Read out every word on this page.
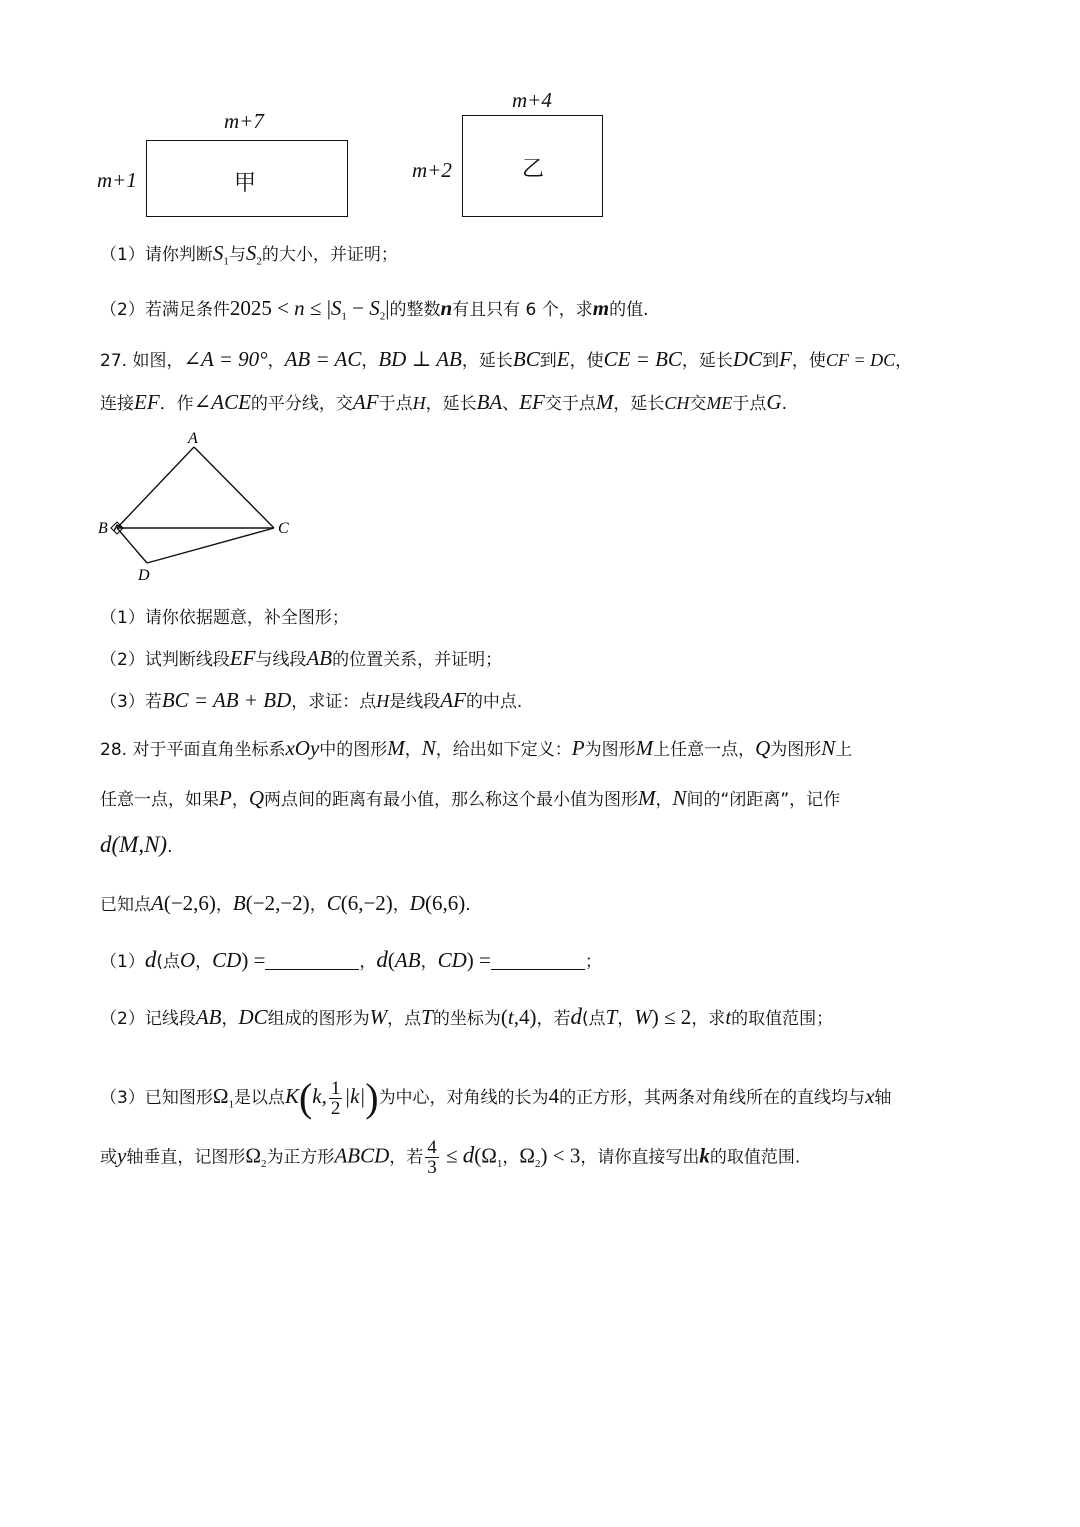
m+7
m+1	甲
m+4
m+2	乙
（1）请你判断$S_1$与$S_2$的大小，并证明；
（2）若满足条件$2025 < n \le |S_1 - S_2|$的整数n有且只有 6 个，求m的值.
27. 如图，∠A = 90°，AB = AC，BD ⊥ AB，延长BC到E，使CE = BC，延长DC到F，使CF = DC，
连接EF．作∠ACE的平分线，交AF于点H，延长BA、EF交于点M，延长CH交ME于点G.
A
B	C
D
（1）请你依据题意，补全图形；
（2）试判断线段EF与线段AB的位置关系，并证明；
（3）若BC = AB + BD，求证：点H是线段AF的中点.
28. 对于平面直角坐标系xOy中的图形M，N，给出如下定义：P为图形M上任意一点，Q为图形N上
任意一点，如果P，Q两点间的距离有最小值，那么称这个最小值为图形M，N间的“闭距离”，记作
d(M,N).
已知点A(−2,6)，B(−2,−2)，C(6,−2)，D(6,6).
（1）d(点O，CD) =	，d(AB，CD) =	；
（2）记线段AB，DC组成的图形为W，点T的坐标为(t,4)，若d(点T，W) ≤ 2，求t的取值范围；
（3）已知图形$\Omega_1$是以点K(k, $\frac{1}{2} |k|$)为中心，对角线的长为4的正方形，其两条对角线所在的直线均与x轴
或y轴垂直，记图形$\Omega_2$为正方形ABCD，若 $\frac{4}{3} \le d(\Omega_1$，$\Omega_2) < 3$，请你直接写出k的取值范围.
